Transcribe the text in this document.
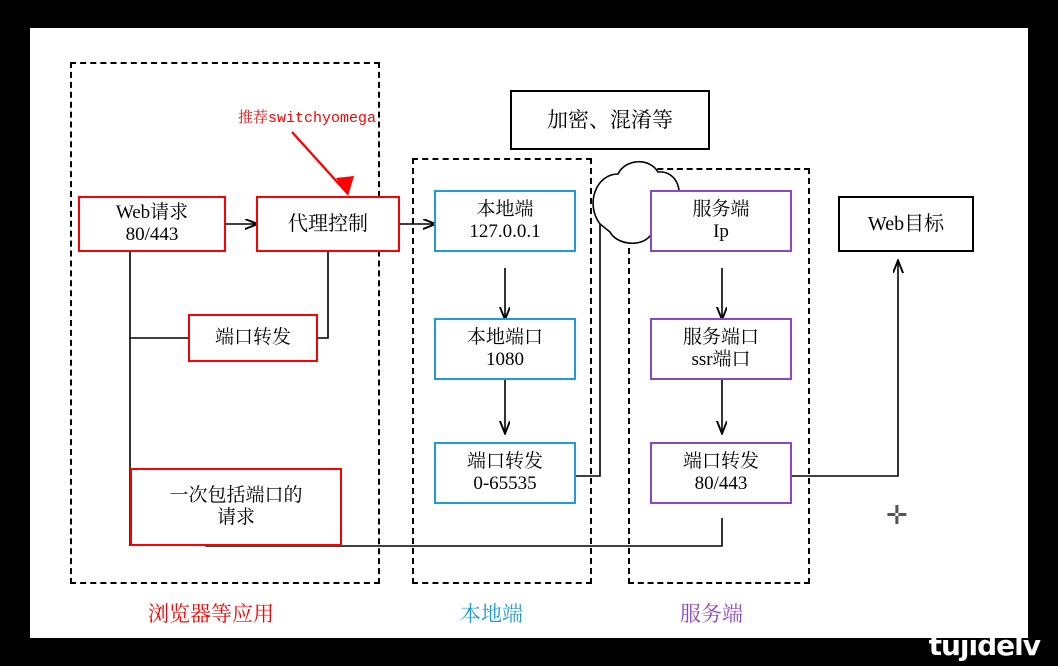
Web请求
80/443	代理控制
端口转发
一次包括端口的
请求
本地端
127.0.0.1
本地端口
1080
端口转发
0-65535
服务端
Ip
服务端口
ssr端口
端口转发
80/443
加密、混淆等
Web目标
推荐switchyomega
浏览器等应用	本地端	服务端
✛
tujidelv
